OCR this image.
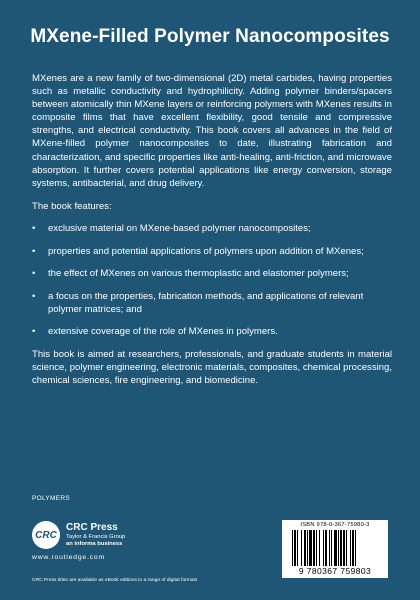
MXene-Filled Polymer Nanocomposites

MXenes are a new family of two-dimensional (2D) metal carbides, having properties such as metallic conductivity and hydrophilicity. Adding polymer binders/spacers between atomically thin MXene layers or reinforcing polymers with MXenes results in composite films that have excellent flexibility, good tensile and compressive strengths, and electrical conductivity. This book covers all advances in the field of MXene-filled polymer nanocomposites to date, illustrating fabrication and characterization, and specific properties like anti-healing, anti-friction, and microwave absorption. It further covers potential applications like energy conversion, storage systems, antibacterial, and drug delivery.

The book features:

• exclusive material on MXene-based polymer nanocomposites;
• properties and potential applications of polymers upon addition of MXenes;
• the effect of MXenes on various thermoplastic and elastomer polymers;
• a focus on the properties, fabrication methods, and applications of relevant polymer matrices; and
• extensive coverage of the role of MXenes in polymers.

This book is aimed at researchers, professionals, and graduate students in material science, polymer engineering, electronic materials, composites, chemical processing, chemical sciences, fire engineering, and biomedicine.

POLYMERS
CRC
CRC Press
Taylor & Francis Group
an informa business
www.routledge.com
CRC Press titles are available as eBook editions in a range of digital formats
ISBN 978-0-367-75980-3
9 780367 759803
